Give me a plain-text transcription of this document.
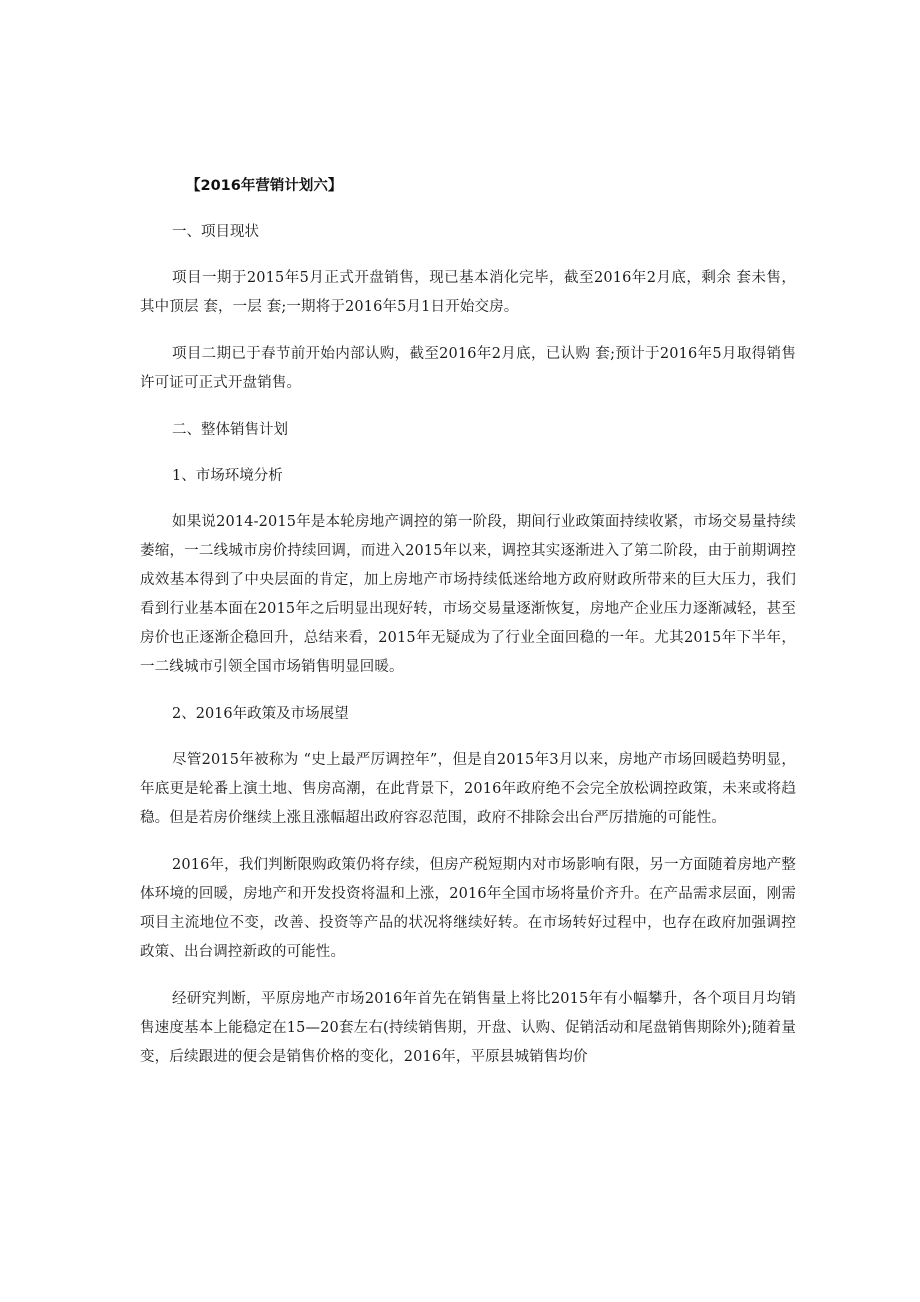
【2016年营销计划六】
一、项目现状
项目一期于2015年5月正式开盘销售，现已基本消化完毕，截至2016年2月底，剩余 套未售，其中顶层 套，一层 套;一期将于2016年5月1日开始交房。
项目二期已于春节前开始内部认购，截至2016年2月底，已认购 套;预计于2016年5月取得销售许可证可正式开盘销售。
二、整体销售计划
1、市场环境分析
如果说2014-2015年是本轮房地产调控的第一阶段，期间行业政策面持续收紧，市场交易量持续萎缩，一二线城市房价持续回调，而进入2015年以来，调控其实逐渐进入了第二阶段，由于前期调控成效基本得到了中央层面的肯定，加上房地产市场持续低迷给地方政府财政所带来的巨大压力，我们看到行业基本面在2015年之后明显出现好转，市场交易量逐渐恢复，房地产企业压力逐渐减轻，甚至房价也正逐渐企稳回升，总结来看，2015年无疑成为了行业全面回稳的一年。尤其2015年下半年，一二线城市引领全国市场销售明显回暖。
2、2016年政策及市场展望
尽管2015年被称为 “史上最严厉调控年”，但是自2015年3月以来，房地产市场回暖趋势明显，年底更是轮番上演土地、售房高潮，在此背景下，2016年政府绝不会完全放松调控政策，未来或将趋稳。但是若房价继续上涨且涨幅超出政府容忍范围，政府不排除会出台严厉措施的可能性。
2016年，我们判断限购政策仍将存续，但房产税短期内对市场影响有限，另一方面随着房地产整体环境的回暖，房地产和开发投资将温和上涨，2016年全国市场将量价齐升。在产品需求层面，刚需项目主流地位不变，改善、投资等产品的状况将继续好转。在市场转好过程中，也存在政府加强调控政策、出台调控新政的可能性。
经研究判断，平原房地产市场2016年首先在销售量上将比2015年有小幅攀升，各个项目月均销售速度基本上能稳定在15—20套左右(持续销售期，开盘、认购、促销活动和尾盘销售期除外);随着量变，后续跟进的便会是销售价格的变化，2016年，平原县城销售均价
